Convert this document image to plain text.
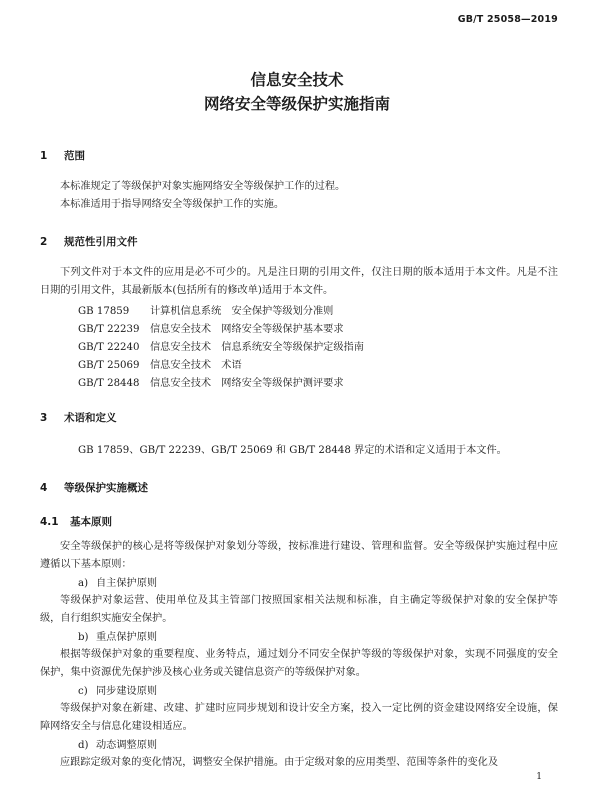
GB/T 25058—2019
信息安全技术
网络安全等级保护实施指南
1 范围
本标准规定了等级保护对象实施网络安全等级保护工作的过程。
本标准适用于指导网络安全等级保护工作的实施。
2 规范性引用文件
下列文件对于本文件的应用是必不可少的。凡是注日期的引用文件，仅注日期的版本适用于本文件。凡是不注日期的引用文件，其最新版本(包括所有的修改单)适用于本文件。
GB 17859 计算机信息系统　安全保护等级划分准则
GB/T 22239 信息安全技术　网络安全等级保护基本要求
GB/T 22240 信息安全技术　信息系统安全等级保护定级指南
GB/T 25069 信息安全技术　术语
GB/T 28448 信息安全技术　网络安全等级保护测评要求
3 术语和定义
GB 17859、GB/T 22239、GB/T 25069 和 GB/T 28448 界定的术语和定义适用于本文件。
4 等级保护实施概述
4.1 基本原则
安全等级保护的核心是将等级保护对象划分等级，按标准进行建设、管理和监督。安全等级保护实施过程中应遵循以下基本原则：
a) 自主保护原则
等级保护对象运营、使用单位及其主管部门按照国家相关法规和标准，自主确定等级保护对象的安全保护等级，自行组织实施安全保护。
b) 重点保护原则
根据等级保护对象的重要程度、业务特点，通过划分不同安全保护等级的等级保护对象，实现不同强度的安全保护，集中资源优先保护涉及核心业务或关键信息资产的等级保护对象。
c) 同步建设原则
等级保护对象在新建、改建、扩建时应同步规划和设计安全方案，投入一定比例的资金建设网络安全设施，保障网络安全与信息化建设相适应。
d) 动态调整原则
应跟踪定级对象的变化情况，调整安全保护措施。由于定级对象的应用类型、范围等条件的变化及
1
